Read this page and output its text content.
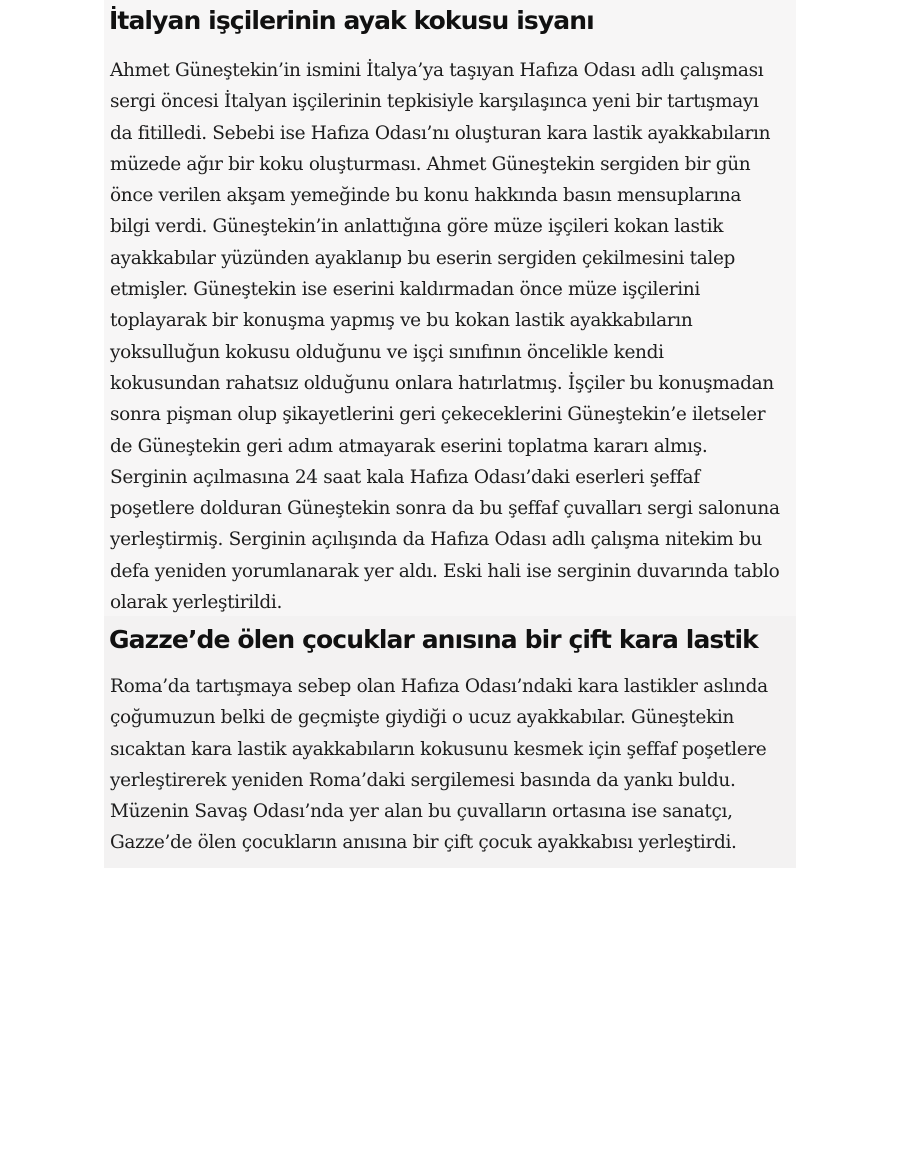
İtalyan işçilerinin ayak kokusu isyanı

Ahmet Güneştekin’in ismini İtalya’ya taşıyan Hafıza Odası adlı çalışması
sergi öncesi İtalyan işçilerinin tepkisiyle karşılaşınca yeni bir tartışmayı
da fitilledi. Sebebi ise Hafıza Odası’nı oluşturan kara lastik ayakkabıların
müzede ağır bir koku oluşturması. Ahmet Güneştekin sergiden bir gün
önce verilen akşam yemeğinde bu konu hakkında basın mensuplarına
bilgi verdi. Güneştekin’in anlattığına göre müze işçileri kokan lastik
ayakkabılar yüzünden ayaklanıp bu eserin sergiden çekilmesini talep
etmişler. Güneştekin ise eserini kaldırmadan önce müze işçilerini
toplayarak bir konuşma yapmış ve bu kokan lastik ayakkabıların
yoksulluğun kokusu olduğunu ve işçi sınıfının öncelikle kendi
kokusundan rahatsız olduğunu onlara hatırlatmış. İşçiler bu konuşmadan
sonra pişman olup şikayetlerini geri çekeceklerini Güneştekin’e iletseler
de Güneştekin geri adım atmayarak eserini toplatma kararı almış.
Serginin açılmasına 24 saat kala Hafıza Odası’daki eserleri şeffaf
poşetlere dolduran Güneştekin sonra da bu şeffaf çuvalları sergi salonuna
yerleştirmiş. Serginin açılışında da Hafıza Odası adlı çalışma nitekim bu
defa yeniden yorumlanarak yer aldı. Eski hali ise serginin duvarında tablo
olarak yerleştirildi.

Gazze’de ölen çocuklar anısına bir çift kara lastik

Roma’da tartışmaya sebep olan Hafıza Odası’ndaki kara lastikler aslında
çoğumuzun belki de geçmişte giydiği o ucuz ayakkabılar. Güneştekin
sıcaktan kara lastik ayakkabıların kokusunu kesmek için şeffaf poşetlere
yerleştirerek yeniden Roma’daki sergilemesi basında da yankı buldu.
Müzenin Savaş Odası’nda yer alan bu çuvalların ortasına ise sanatçı,
Gazze’de ölen çocukların anısına bir çift çocuk ayakkabısı yerleştirdi.
